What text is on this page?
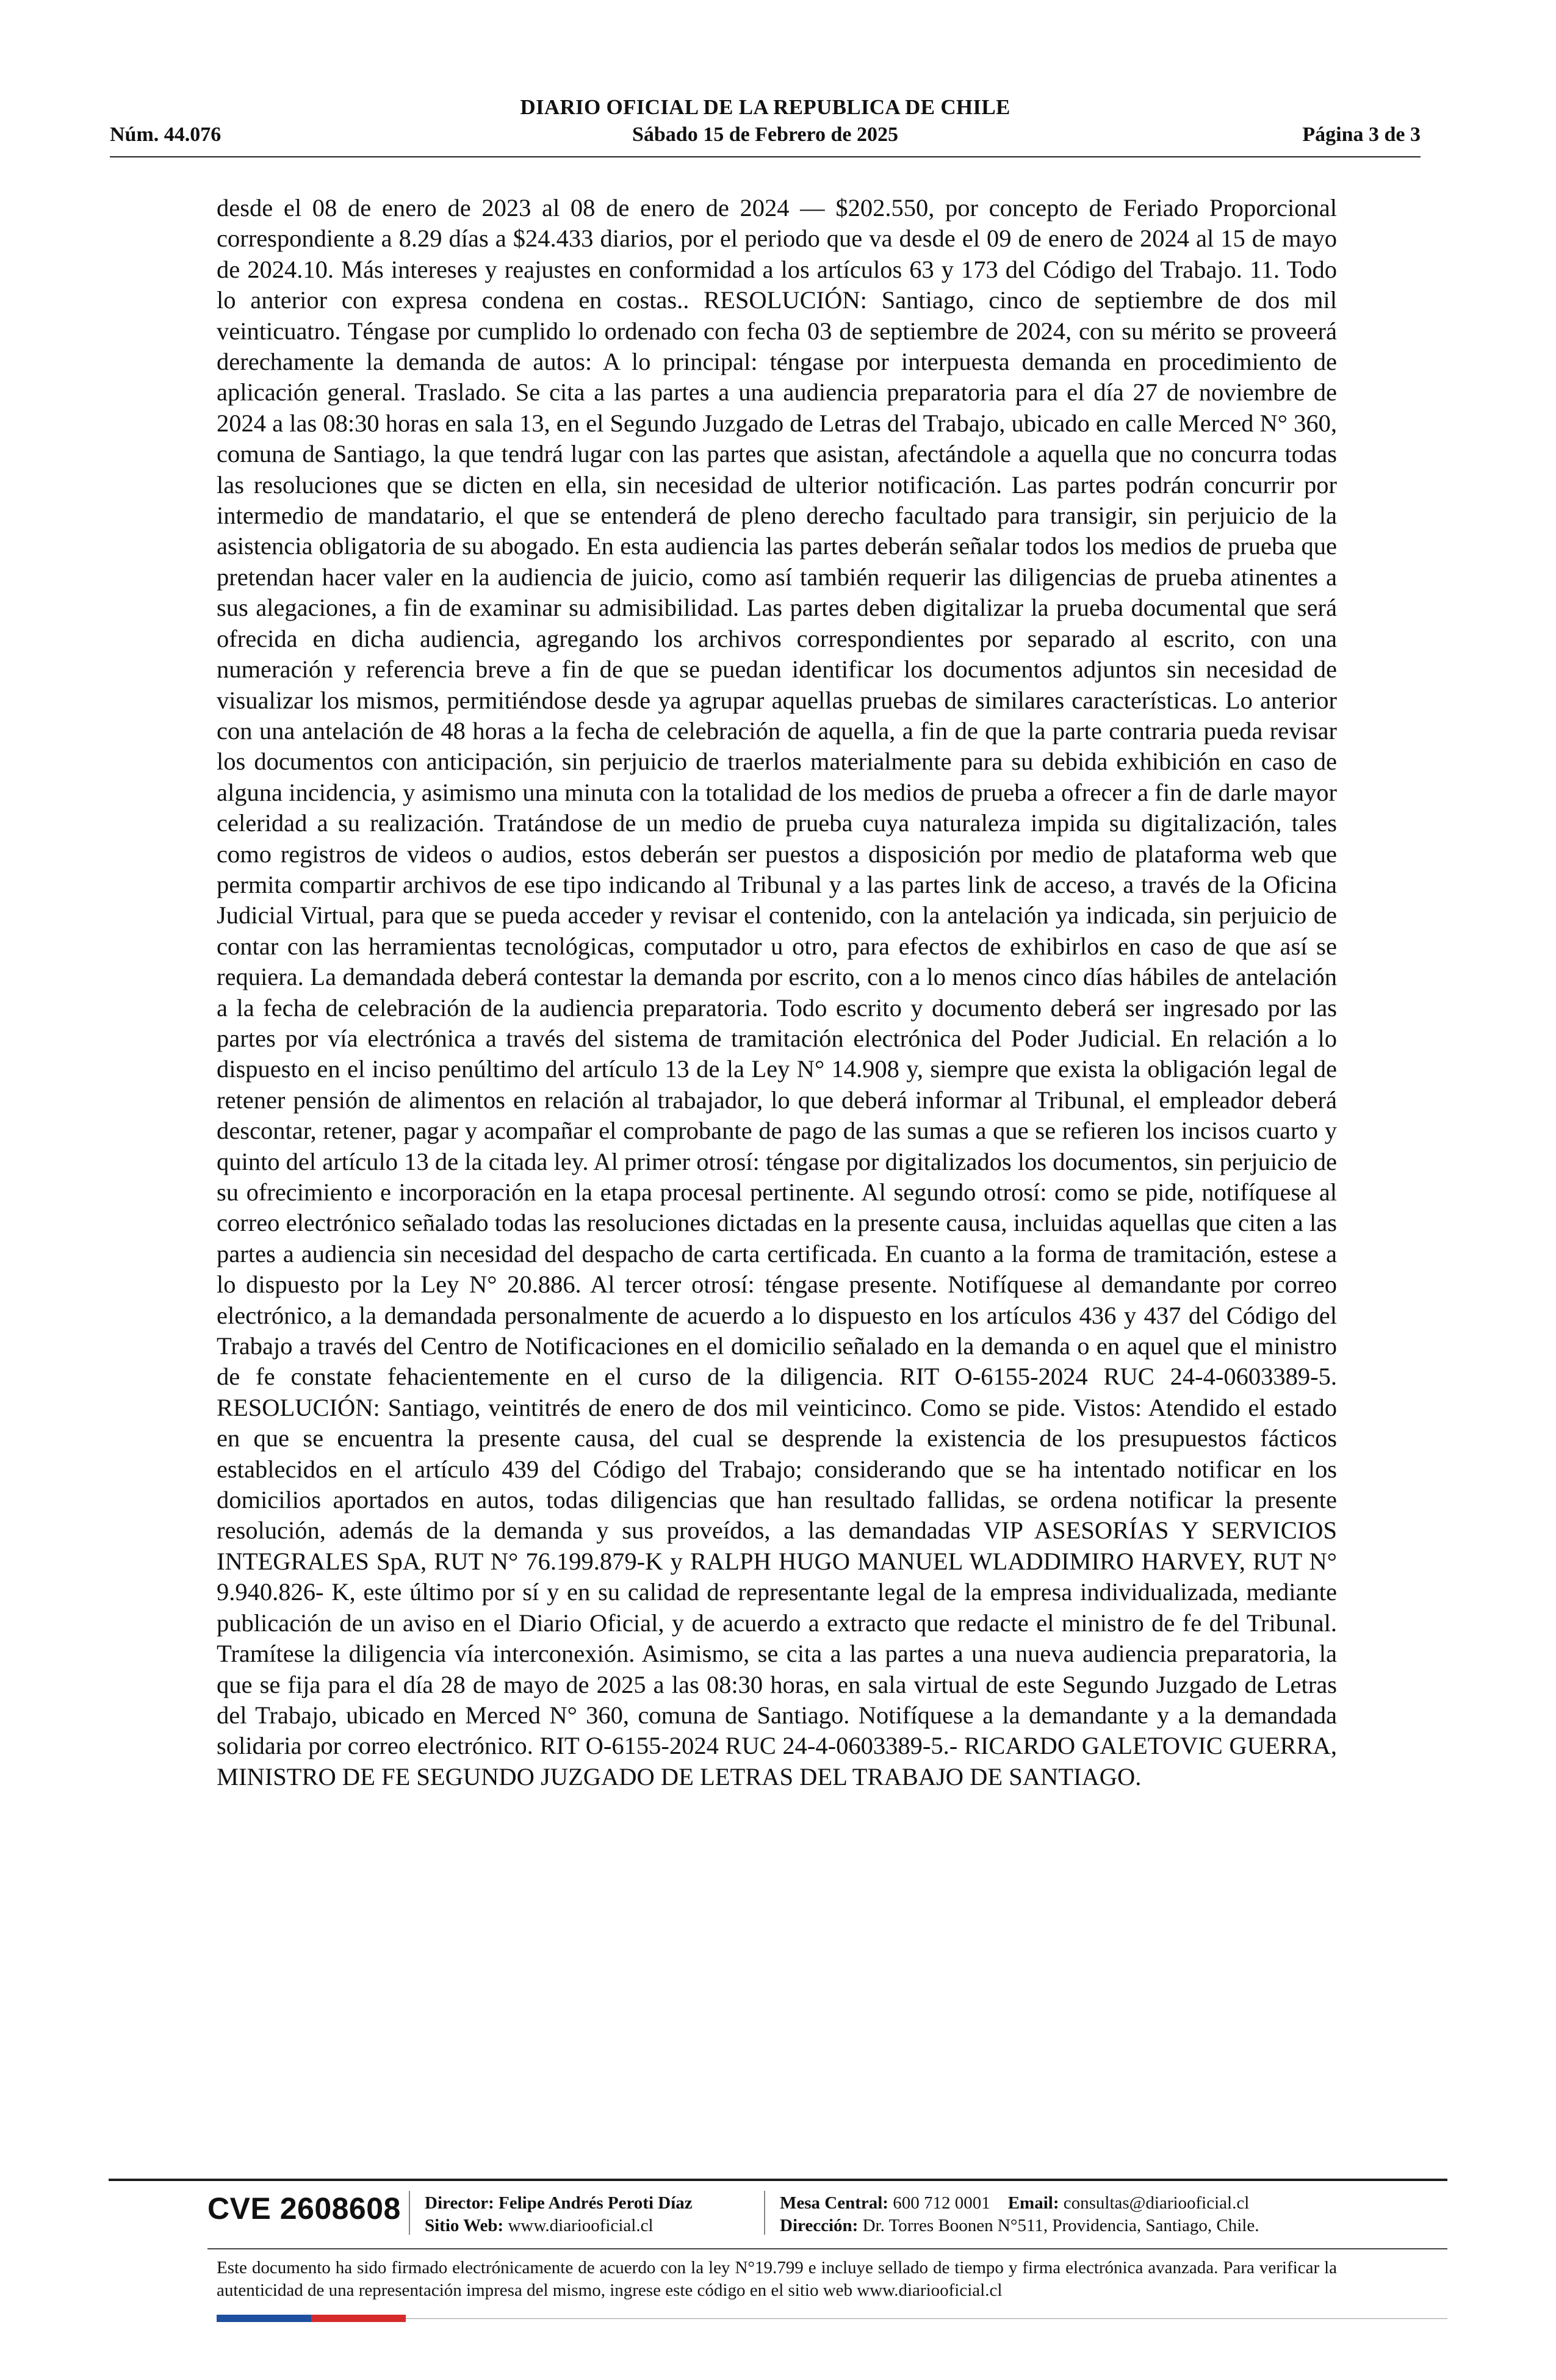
DIARIO OFICIAL DE LA REPUBLICA DE CHILE
Núm. 44.076	Sábado 15 de Febrero de 2025	Página 3 de 3

desde el 08 de enero de 2023 al 08 de enero de 2024 — $202.550, por concepto de Feriado Proporcional correspondiente a 8.29 días a $24.433 diarios, por el periodo que va desde el 09 de enero de 2024 al 15 de mayo de 2024.10. Más intereses y reajustes en conformidad a los artículos 63 y 173 del Código del Trabajo. 11. Todo lo anterior con expresa condena en costas.. RESOLUCIÓN: Santiago, cinco de septiembre de dos mil veinticuatro. Téngase por cumplido lo ordenado con fecha 03 de septiembre de 2024, con su mérito se proveerá derechamente la demanda de autos: A lo principal: téngase por interpuesta demanda en procedimiento de aplicación general. Traslado. Se cita a las partes a una audiencia preparatoria para el día 27 de noviembre de 2024 a las 08:30 horas en sala 13, en el Segundo Juzgado de Letras del Trabajo, ubicado en calle Merced N° 360, comuna de Santiago, la que tendrá lugar con las partes que asistan, afectándole a aquella que no concurra todas las resoluciones que se dicten en ella, sin necesidad de ulterior notificación. Las partes podrán concurrir por intermedio de mandatario, el que se entenderá de pleno derecho facultado para transigir, sin perjuicio de la asistencia obligatoria de su abogado. En esta audiencia las partes deberán señalar todos los medios de prueba que pretendan hacer valer en la audiencia de juicio, como así también requerir las diligencias de prueba atinentes a sus alegaciones, a fin de examinar su admisibilidad. Las partes deben digitalizar la prueba documental que será ofrecida en dicha audiencia, agregando los archivos correspondientes por separado al escrito, con una numeración y referencia breve a fin de que se puedan identificar los documentos adjuntos sin necesidad de visualizar los mismos, permitiéndose desde ya agrupar aquellas pruebas de similares características. Lo anterior con una antelación de 48 horas a la fecha de celebración de aquella, a fin de que la parte contraria pueda revisar los documentos con anticipación, sin perjuicio de traerlos materialmente para su debida exhibición en caso de alguna incidencia, y asimismo una minuta con la totalidad de los medios de prueba a ofrecer a fin de darle mayor celeridad a su realización. Tratándose de un medio de prueba cuya naturaleza impida su digitalización, tales como registros de videos o audios, estos deberán ser puestos a disposición por medio de plataforma web que permita compartir archivos de ese tipo indicando al Tribunal y a las partes link de acceso, a través de la Oficina Judicial Virtual, para que se pueda acceder y revisar el contenido, con la antelación ya indicada, sin perjuicio de contar con las herramientas tecnológicas, computador u otro, para efectos de exhibirlos en caso de que así se requiera. La demandada deberá contestar la demanda por escrito, con a lo menos cinco días hábiles de antelación a la fecha de celebración de la audiencia preparatoria. Todo escrito y documento deberá ser ingresado por las partes por vía electrónica a través del sistema de tramitación electrónica del Poder Judicial. En relación a lo dispuesto en el inciso penúltimo del artículo 13 de la Ley N° 14.908 y, siempre que exista la obligación legal de retener pensión de alimentos en relación al trabajador, lo que deberá informar al Tribunal, el empleador deberá descontar, retener, pagar y acompañar el comprobante de pago de las sumas a que se refieren los incisos cuarto y quinto del artículo 13 de la citada ley. Al primer otrosí: téngase por digitalizados los documentos, sin perjuicio de su ofrecimiento e incorporación en la etapa procesal pertinente. Al segundo otrosí: como se pide, notifíquese al correo electrónico señalado todas las resoluciones dictadas en la presente causa, incluidas aquellas que citen a las partes a audiencia sin necesidad del despacho de carta certificada. En cuanto a la forma de tramitación, estese a lo dispuesto por la Ley N° 20.886. Al tercer otrosí: téngase presente. Notifíquese al demandante por correo electrónico, a la demandada personalmente de acuerdo a lo dispuesto en los artículos 436 y 437 del Código del Trabajo a través del Centro de Notificaciones en el domicilio señalado en la demanda o en aquel que el ministro de fe constate fehacientemente en el curso de la diligencia. RIT O-6155-2024 RUC 24-4-0603389-5. RESOLUCIÓN: Santiago, veintitrés de enero de dos mil veinticinco. Como se pide. Vistos: Atendido el estado en que se encuentra la presente causa, del cual se desprende la existencia de los presupuestos fácticos establecidos en el artículo 439 del Código del Trabajo; considerando que se ha intentado notificar en los domicilios aportados en autos, todas diligencias que han resultado fallidas, se ordena notificar la presente resolución, además de la demanda y sus proveídos, a las demandadas VIP ASESORÍAS Y SERVICIOS INTEGRALES SpA, RUT N° 76.199.879-K y RALPH HUGO MANUEL WLADDIMIRO HARVEY, RUT N° 9.940.826- K, este último por sí y en su calidad de representante legal de la empresa individualizada, mediante publicación de un aviso en el Diario Oficial, y de acuerdo a extracto que redacte el ministro de fe del Tribunal. Tramítese la diligencia vía interconexión. Asimismo, se cita a las partes a una nueva audiencia preparatoria, la que se fija para el día 28 de mayo de 2025 a las 08:30 horas, en sala virtual de este Segundo Juzgado de Letras del Trabajo, ubicado en Merced N° 360, comuna de Santiago. Notifíquese a la demandante y a la demandada solidaria por correo electrónico. RIT O-6155-2024 RUC 24-4-0603389-5.- RICARDO GALETOVIC GUERRA, MINISTRO DE FE SEGUNDO JUZGADO DE LETRAS DEL TRABAJO DE SANTIAGO.

CVE 2608608 Director: Felipe Andrés Peroti Díaz
Sitio Web: www.diariooficial.cl
Mesa Central: 600 712 0001 Email: consultas@diariooficial.cl
Dirección: Dr. Torres Boonen N°511, Providencia, Santiago, Chile.
Este documento ha sido firmado electrónicamente de acuerdo con la ley N°19.799 e incluye sellado de tiempo y firma electrónica avanzada. Para verificar la autenticidad de una representación impresa del mismo, ingrese este código en el sitio web www.diariooficial.cl
